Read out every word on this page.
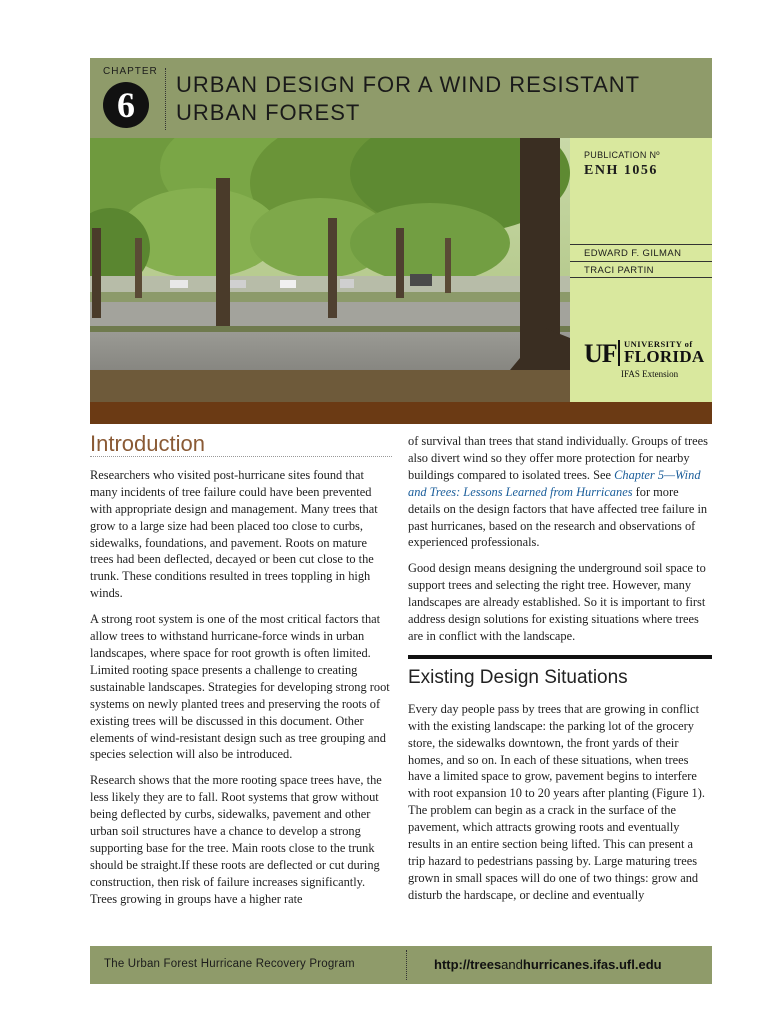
CHAPTER
6
URBAN DESIGN FOR A WIND RESISTANT
URBAN FOREST
PUBLICATION Nº
ENH 1056
EDWARD F. GILMAN
TRACI PARTIN
UF UNIVERSITY of
FLORIDA
IFAS Extension
Introduction

Researchers who visited post-hurricane sites found that many incidents of tree failure could have been prevented with appropriate design and management. Many trees that grow to a large size had been placed too close to curbs, sidewalks, foundations, and pavement. Roots on mature trees had been deflected, decayed or been cut close to the trunk. These conditions resulted in trees toppling in high winds.

A strong root system is one of the most critical factors that allow trees to withstand hurricane-force winds in urban landscapes, where space for root growth is often limited. Limited rooting space presents a challenge to creating sustainable landscapes. Strategies for developing strong root systems on newly planted trees and preserving the roots of existing trees will be discussed in this document. Other elements of wind-resistant design such as tree grouping and species selection will also be introduced.

Research shows that the more rooting space trees have, the less likely they are to fall. Root systems that grow without being deflected by curbs, sidewalks, pavement and other urban soil structures have a chance to develop a strong supporting base for the tree. Main roots close to the trunk should be straight.If these roots are deflected or cut during construction, then risk of failure increases significantly. Trees growing in groups have a higher rate

of survival than trees that stand individually. Groups of trees also divert wind so they offer more protection for nearby buildings compared to isolated trees. See Chapter 5—Wind and Trees: Lessons Learned from Hurricanes for more details on the design factors that have affected tree failure in past hurricanes, based on the research and observations of experienced professionals.

Good design means designing the underground soil space to support trees and selecting the right tree. However, many landscapes are already established. So it is important to first address design solutions for existing situations where trees are in conflict with the landscape.

Existing Design Situations

Every day people pass by trees that are growing in conflict with the existing landscape: the parking lot of the grocery store, the sidewalks downtown, the front yards of their homes, and so on. In each of these situations, when trees have a limited space to grow, pavement begins to interfere with root expansion 10 to 20 years after planting (Figure 1). The problem can begin as a crack in the surface of the pavement, which attracts growing roots and eventually results in an entire section being lifted. This can present a trip hazard to pedestrians passing by. Large maturing trees grown in small spaces will do one of two things: grow and disturb the hardscape, or decline and eventually

The Urban Forest Hurricane Recovery Program	http://treesandhurricanes.ifas.ufl.edu
